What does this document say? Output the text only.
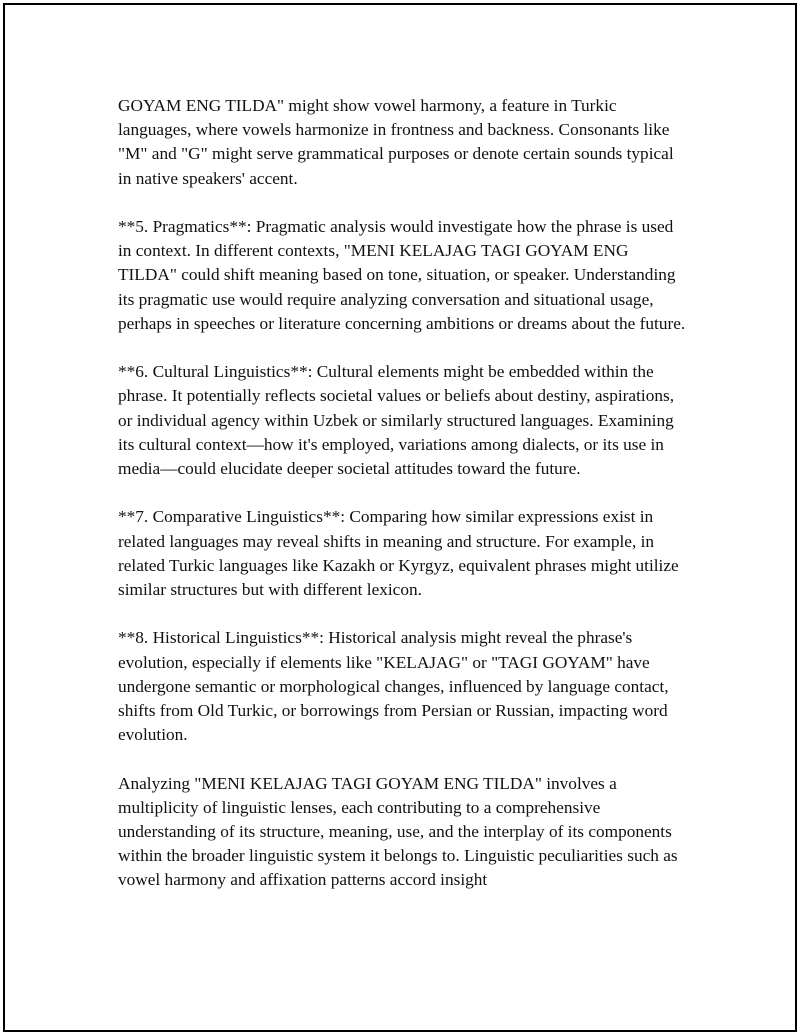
GOYAM ENG TILDA" might show vowel harmony, a feature in Turkic languages, where vowels harmonize in frontness and backness. Consonants like "M" and "G" might serve grammatical purposes or denote certain sounds typical in native speakers' accent.

**5. Pragmatics**: Pragmatic analysis would investigate how the phrase is used in context. In different contexts, "MENI KELAJAG TAGI GOYAM ENG TILDA" could shift meaning based on tone, situation, or speaker. Understanding its pragmatic use would require analyzing conversation and situational usage, perhaps in speeches or literature concerning ambitions or dreams about the future.

**6. Cultural Linguistics**: Cultural elements might be embedded within the phrase. It potentially reflects societal values or beliefs about destiny, aspirations, or individual agency within Uzbek or similarly structured languages. Examining its cultural context—how it's employed, variations among dialects, or its use in media—could elucidate deeper societal attitudes toward the future.

**7. Comparative Linguistics**: Comparing how similar expressions exist in related languages may reveal shifts in meaning and structure. For example, in related Turkic languages like Kazakh or Kyrgyz, equivalent phrases might utilize similar structures but with different lexicon.

**8. Historical Linguistics**: Historical analysis might reveal the phrase's evolution, especially if elements like "KELAJAG" or "TAGI GOYAM" have undergone semantic or morphological changes, influenced by language contact, shifts from Old Turkic, or borrowings from Persian or Russian, impacting word evolution.

Analyzing "MENI KELAJAG TAGI GOYAM ENG TILDA" involves a multiplicity of linguistic lenses, each contributing to a comprehensive understanding of its structure, meaning, use, and the interplay of its components within the broader linguistic system it belongs to. Linguistic peculiarities such as vowel harmony and affixation patterns accord insight
